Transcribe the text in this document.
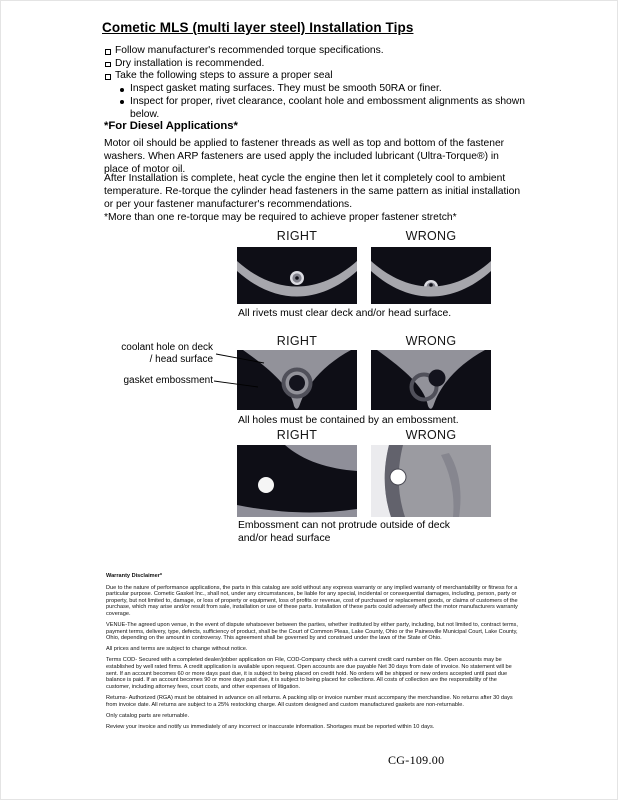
Cometic MLS (multi layer steel) Installation Tips
Follow manufacturer's recommended torque specifications.
Dry installation is recommended.
Take the following steps to assure a proper seal
Inspect gasket mating surfaces. They must be smooth 50RA or finer.
Inspect for proper, rivet clearance, coolant hole and embossment alignments as shown below.
*For Diesel Applications*
Motor oil should be applied to fastener threads as well as top and bottom of the fastener washers. When ARP fasteners are used apply the included lubricant (Ultra-Torque®) in place of motor oil.
After Installation is complete, heat cycle the engine then let it completely cool to ambient temperature. Re-torque the cylinder head fasteners in the same pattern as initial installation or per your fastener manufacturer's recommendations.
*More than one re-torque may be required to achieve proper fastener stretch*
RIGHT	WRONG
All rivets must clear deck and/or head surface.
RIGHT	WRONG
coolant hole on deck / head surface
gasket embossment
All holes must be contained by an embossment.
RIGHT	WRONG
Embossment can not protrude outside of deck and/or head surface

Warranty Disclaimer*

Due to the nature of performance applications, the parts in this catalog are sold without any express warranty or any implied warranty of merchantability or fitness for a particular purpose. Cometic Gasket Inc., shall not, under any circumstances, be liable for any special, incidental or consequential damages, including, person, party or property, but not limited to, damage, or loss of property or equipment, loss of profits or revenue, cost of purchased or replacement goods, or claims of customers of the purchase, which may arise and/or result from sale, installation or use of these parts. Installation of these parts could adversely affect the motor manufacturers warranty coverage.

VENUE-The agreed upon venue, in the event of dispute whatsoever between the parties, whether instituted by either party, including, but not limited to, contract terms, payment terms, delivery, type, defects, sufficiency of product, shall be the Court of Common Pleas, Lake County, Ohio or the Painesville Municipal Court, Lake County, Ohio, depending on the amount in controversy. This agreement shall be governed by and construed under the laws of the State of Ohio.

All prices and terms are subject to change without notice.

Terms COD- Secured with a completed dealer/jobber application on File, COD-Company check with a current credit card number on file. Open accounts may be established by well rated firms. A credit application is available upon request. Open accounts are due payable Net 30 days from date of invoice. No statement will be sent. If an account becomes 60 or more days past due, it is subject to being placed on credit hold. No orders will be shipped or new orders accepted until past due balance is paid. If an account becomes 90 or more days past due, it is subject to being placed for collections. All costs of collection are the responsibility of the customer, including attorney fees, court costs, and other expenses of litigation.

Returns- Authorized (RGA) must be obtained in advance on all returns. A packing slip or invoice number must accompany the merchandise. No returns after 30 days from invoice date. All returns are subject to a 25% restocking charge. All custom designed and custom manufactured gaskets are non-returnable.

Only catalog parts are returnable.

Review your invoice and notify us immediately of any incorrect or inaccurate information. Shortages must be reported within 10 days.

CG-109.00
